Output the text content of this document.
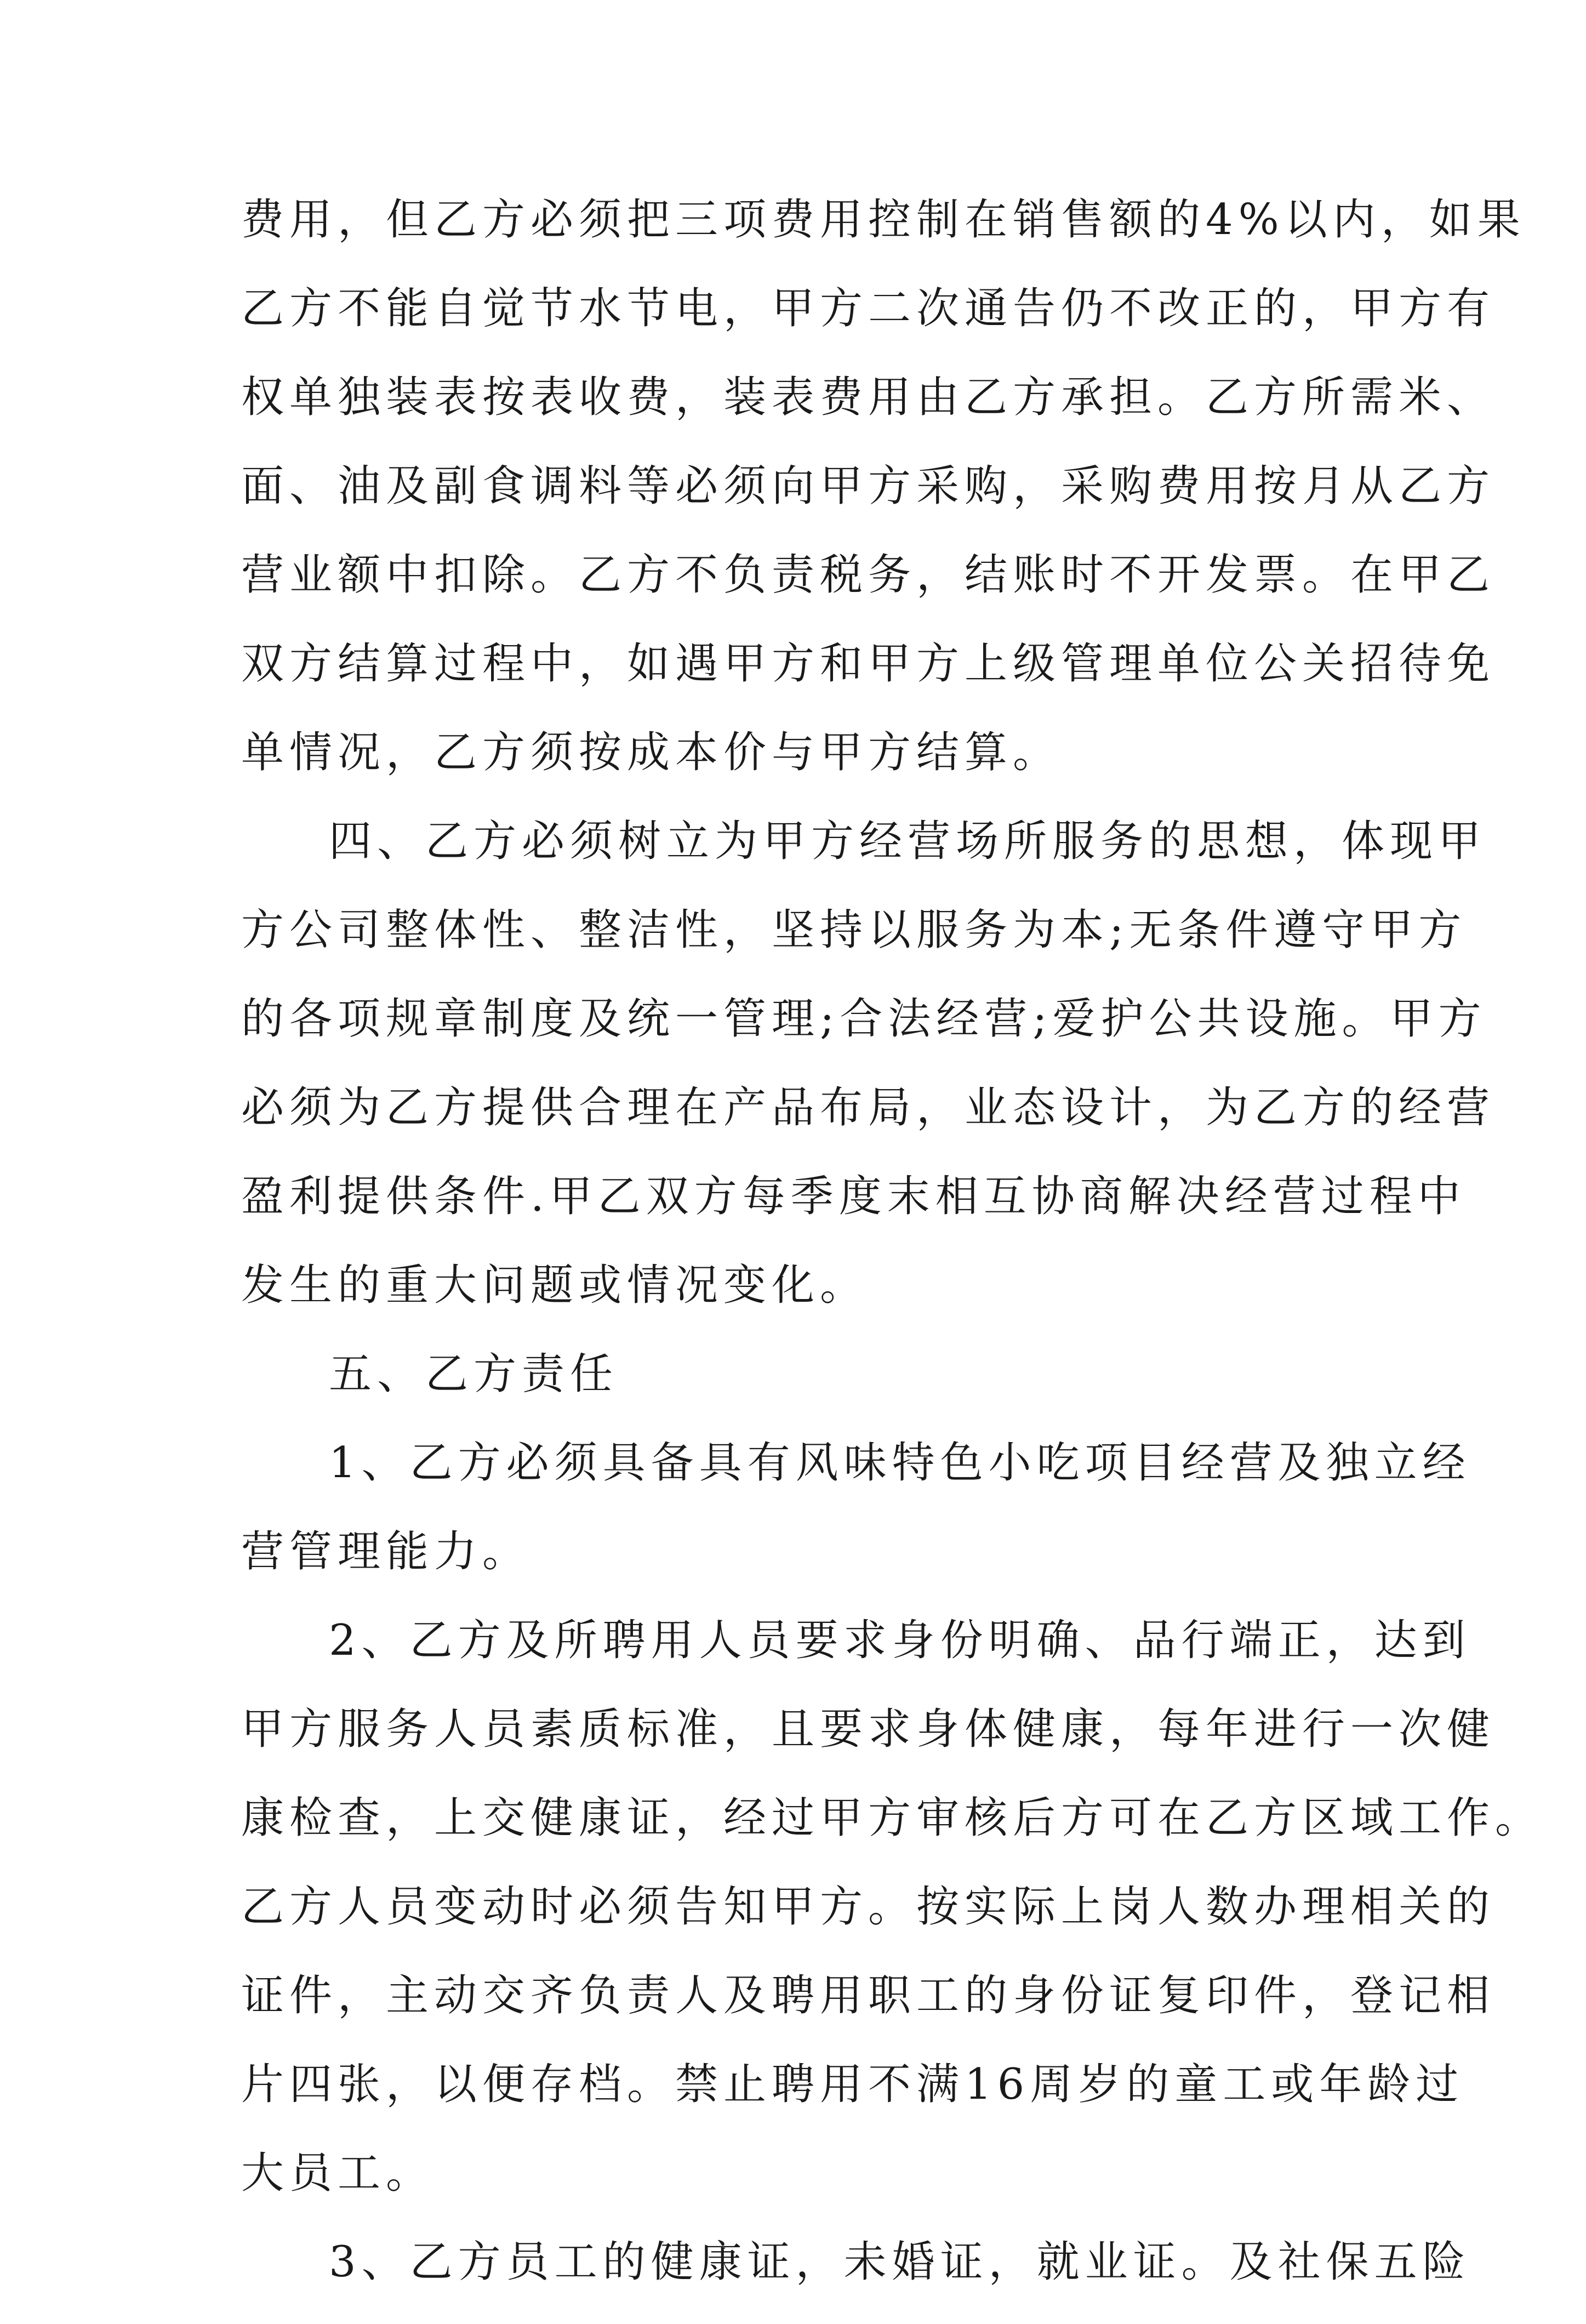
费用，但乙方必须把三项费用控制在销售额的4%以内，如果
乙方不能自觉节水节电，甲方二次通告仍不改正的，甲方有
权单独装表按表收费，装表费用由乙方承担。乙方所需米、
面、油及副食调料等必须向甲方采购，采购费用按月从乙方
营业额中扣除。乙方不负责税务，结账时不开发票。在甲乙
双方结算过程中，如遇甲方和甲方上级管理单位公关招待免
单情况，乙方须按成本价与甲方结算。
四、乙方必须树立为甲方经营场所服务的思想，体现甲
方公司整体性、整洁性，坚持以服务为本;无条件遵守甲方
的各项规章制度及统一管理;合法经营;爱护公共设施。甲方
必须为乙方提供合理在产品布局，业态设计，为乙方的经营
盈利提供条件.甲乙双方每季度末相互协商解决经营过程中
发生的重大问题或情况变化。
五、乙方责任
1、乙方必须具备具有风味特色小吃项目经营及独立经
营管理能力。
2、乙方及所聘用人员要求身份明确、品行端正，达到
甲方服务人员素质标准，且要求身体健康，每年进行一次健
康检查，上交健康证，经过甲方审核后方可在乙方区域工作。
乙方人员变动时必须告知甲方。按实际上岗人数办理相关的
证件，主动交齐负责人及聘用职工的身份证复印件，登记相
片四张，以便存档。禁止聘用不满16周岁的童工或年龄过
大员工。
3、乙方员工的健康证，未婚证，就业证。及社保五险
